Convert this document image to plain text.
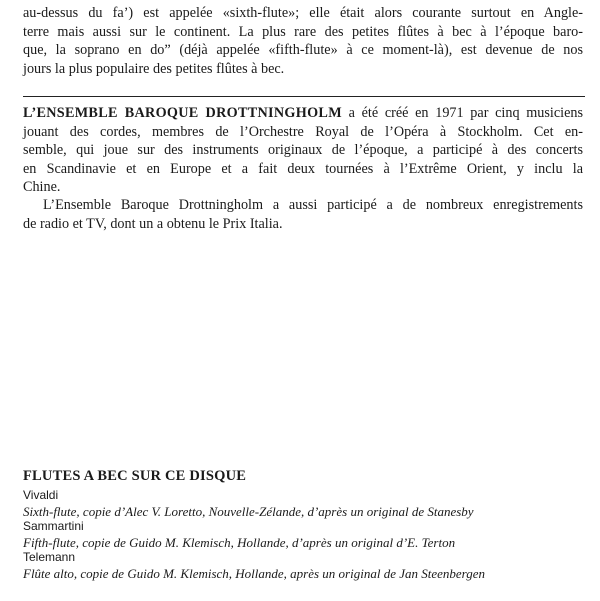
au-dessus du fa’) est appelée «sixth-flute»; elle était alors courante surtout en Angle-
terre mais aussi sur le continent. La plus rare des petites flûtes à bec à l’époque baro-
que, la soprano en do” (déjà appelée «fifth-flute» à ce moment-là), est devenue de nos
jours la plus populaire des petites flûtes à bec.

L’ENSEMBLE BAROQUE DROTTNINGHOLM a été créé en 1971 par cinq musiciens
jouant des cordes, membres de l’Orchestre Royal de l’Opéra à Stockholm. Cet en-
semble, qui joue sur des instruments originaux de l’époque, a participé à des concerts
en Scandinavie et en Europe et a fait deux tournées à l’Extrême Orient, y inclu la
Chine.

L’Ensemble Baroque Drottningholm a aussi participé a de nombreux enregistrements
de radio et TV, dont un a obtenu le Prix Italia.

FLUTES A BEC SUR CE DISQUE
Vivaldi
Sixth-flute, copie d’Alec V. Loretto, Nouvelle-Zélande, d’après un original de Stanesby
Sammartini
Fifth-flute, copie de Guido M. Klemisch, Hollande, d’après un original d’E. Terton
Telemann
Flûte alto, copie de Guido M. Klemisch, Hollande, après un original de Jan Steenbergen
